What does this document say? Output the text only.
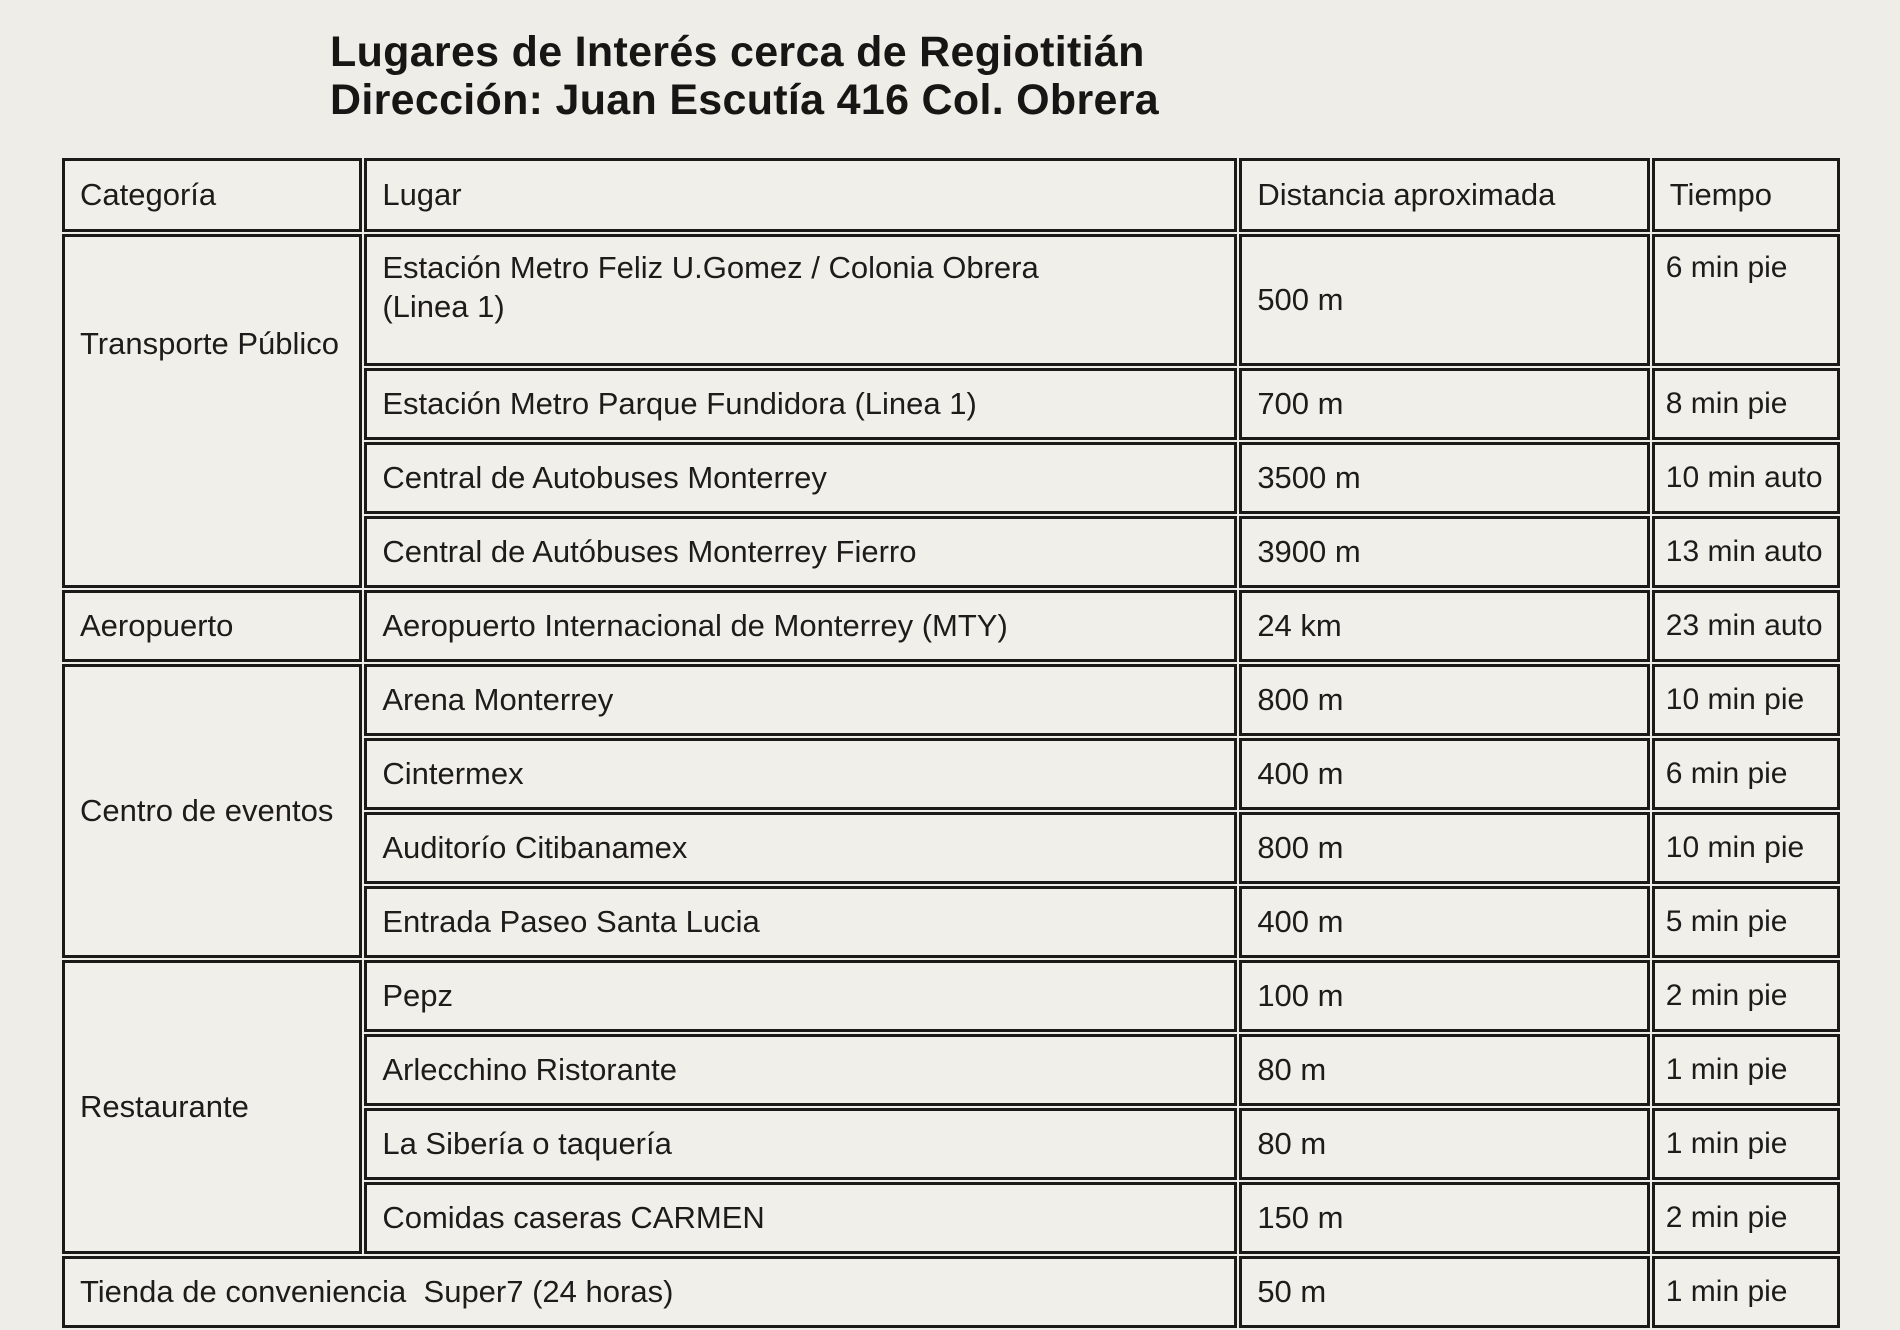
Lugares de Interés cerca de Regiotitián
Dirección: Juan Escutía 416 Col. Obrera
Categoría	Lugar	Distancia aproximada	Tiempo
Transporte Público	Estación Metro Feliz U.Gomez / Colonia Obrera (Linea 1)	500 m	6 min pie
	Estación Metro Parque Fundidora (Linea 1)	700 m	8 min pie
	Central de Autobuses Monterrey	3500 m	10 min auto
	Central de Autóbuses Monterrey Fierro	3900 m	13 min auto
Aeropuerto	Aeropuerto Internacional de Monterrey (MTY)	24 km	23 min auto
Centro de eventos	Arena Monterrey	800 m	10 min pie
	Cintermex	400 m	6 min pie
	Auditorío Citibanamex	800 m	10 min pie
	Entrada Paseo Santa Lucia	400 m	5 min pie
Restaurante	Pepz	100 m	2 min pie
	Arlecchino Ristorante	80 m	1 min pie
	La Sibería o taquería	80 m	1 min pie
	Comidas caseras CARMEN	150 m	2 min pie
Tienda de conveniencia  Super7 (24 horas)		50 m	1 min pie
